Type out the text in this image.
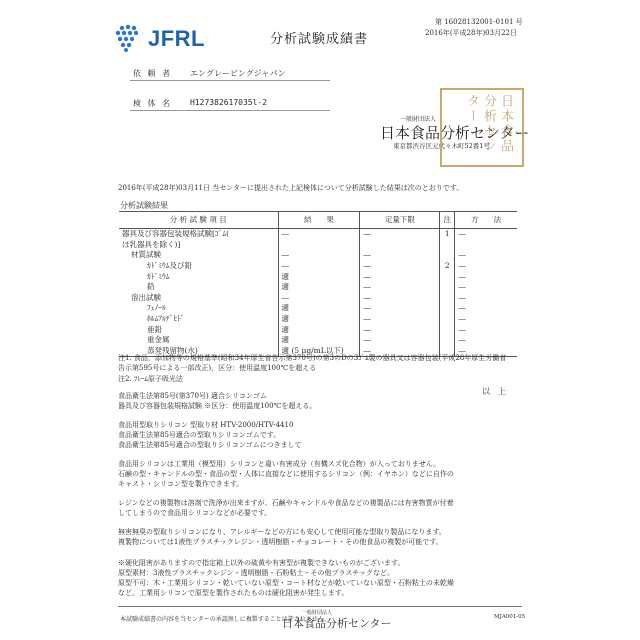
JFRL	分析試験成績書
第 16028132001-0101 号
2016年(平成28年)03月22日
依 頼 者 エングレービングジャパン
検 体 名 H127382617035l-2
一般財団法人
日本食品分析センター
東京都渋谷区元代々木町52番1号 日本食品分析センター
2016年(平成28年)03月11日 当センターに提出された上記検体について分析試験した結果は次のとおりです。
分析試験結果
分 析 試 験 項 目	結　　果	定量下限	注	方　　法
器具及び容器包装規格試験[ｺﾞﾑ(	―	―	1	―
ほ乳器具を除く)]				
材質試験	―	―		―
ｶﾄﾞﾐｳﾑ及び鉛	―	―	2	―
ｶﾄﾞﾐｳﾑ	適	―		―
鉛	適	―		―
溶出試験	―	―		―
ﾌｪﾉｰﾙ	適	―		―
ﾎﾙﾑｱﾙﾃﾞﾋﾄﾞ	適	―		―
亜鉛	適	―		―
重金属	適	―		―
蒸発残留物(水)	適 (5 μg/mL以下)	―		―
注1. 食品，添加物等の規格基準(昭和34年厚生省告示第370号)の第3のDの3ｺﾞﾑ製の器具又は容器包装(平成28年厚生労働省
告示第595号による一部改正)，区分：使用温度100℃を超える
注2. ﾌﾚｰﾑ原子吸光法
以　上
食品衛生法第85号(第370号) 適合シリコンゴム
器具及び容器包装規格試験 ※区分：使用温度100℃を超える。
食品用型取りシリコン 型取り材 HTV-2000/HTV-4410
食品衛生法第85号適合の型取りシリコンゴムです。
食品衛生法第85号適合の型取りシリコンゴムにつきまして
食品用シリコンは工業用（模型用）シリコンと違い有害成分（有機スズ化合物）が入っておりません。
石鹸の型・キャンドルの型・食品の型・人体に直接などに使用するシリコン（例：イヤホン）などに自作の
キャスト・シリコン型を製作できます。
レジンなどの複製物は溶剤で洗浄が出来ますが、石鹸やキャンドルや食品などの複製品には有害物質が付着
してしまうので食品用シリコンなどが必要です。
無害無臭の型取りシリコンになり、アレルギーなどの方にも安心して使用可能な型取り製品になります。
複製物については1液性プラスチックレジン・透明樹脂・チョコレート・その他食品の複製が可能です。
※硬化阻害がありますので指定箱上以外の硫黄や有害型が複製できないものがございます。
原型素材：3液性プラスチックレジン・透明樹脂・石粉粘土・その他プラスチックなど。
原型不可：木・工業用シリコン・乾いていない原型・コート材などが乾いていない原型・石粉粘土の未乾燥
など。工業用シリコンで原型を製作されたものは硬化阻害が発生します。
本試験成績書の内容を当センターの承認無しに複製することは許されません。
一般財団法人
日本食品分析センター
MJA001-05
